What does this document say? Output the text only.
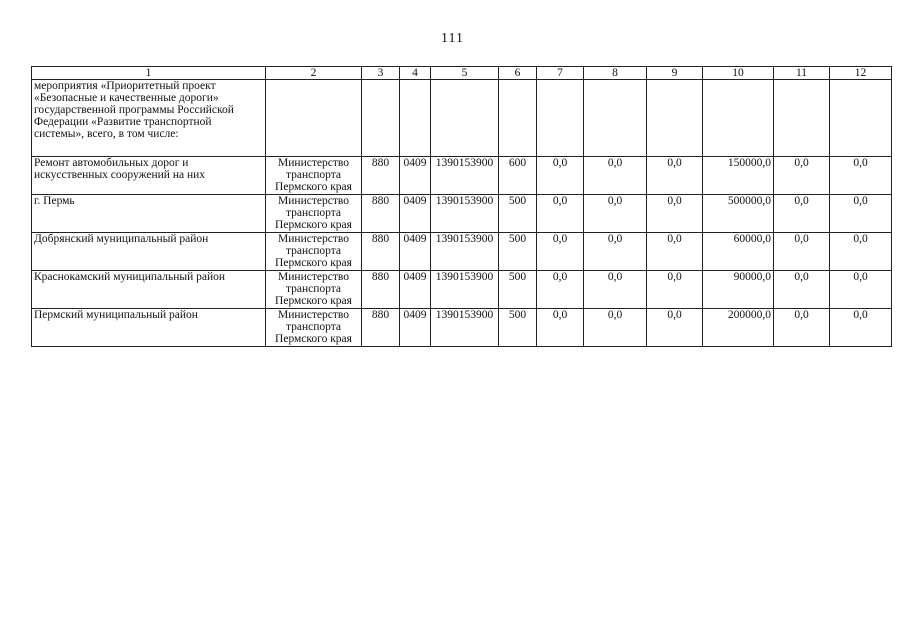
111
1	2	3	4	5	6	7	8	9	10	11	12
мероприятия «Приоритетный проект «Безопасные и качественные дороги» государственной программы Российской Федерации «Развитие транспортной системы», всего, в том числе:											
Ремонт автомобильных дорог и искусственных сооружений на них	Министерство транспорта Пермского края	880	0409	1390153900	600	0,0	0,0	0,0	150000,0	0,0	0,0
г. Пермь	Министерство транспорта Пермского края	880	0409	1390153900	500	0,0	0,0	0,0	500000,0	0,0	0,0
Добрянский муниципальный район	Министерство транспорта Пермского края	880	0409	1390153900	500	0,0	0,0	0,0	60000,0	0,0	0,0
Краснокамский муниципальный район	Министерство транспорта Пермского края	880	0409	1390153900	500	0,0	0,0	0,0	90000,0	0,0	0,0
Пермский муниципальный район	Министерство транспорта Пермского края	880	0409	1390153900	500	0,0	0,0	0,0	200000,0	0,0	0,0
